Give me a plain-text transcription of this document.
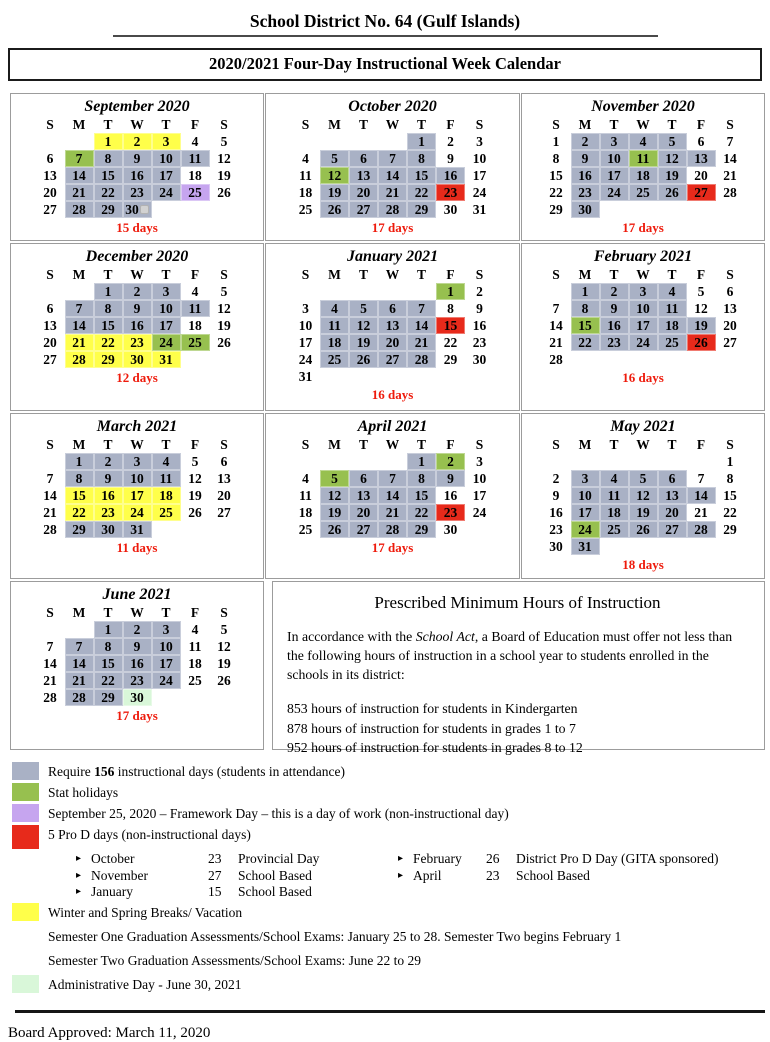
School District No. 64 (Gulf Islands)
2020/2021 Four-Day Instructional Week Calendar
September 2020
S	M	T	W	T	F	S
		1	2	3	4	5
6	7	8	9	10	11	12
13	14	15	16	17	18	19
20	21	22	23	24	25	26
27	28	29	30			
15 days
October 2020
S	M	T	W	T	F	S
				1	2	3
4	5	6	7	8	9	10
11	12	13	14	15	16	17
18	19	20	21	22	23	24
25	26	27	28	29	30	31
17 days
November 2020
S	M	T	W	T	F	S
1	2	3	4	5	6	7
8	9	10	11	12	13	14
15	16	17	18	19	20	21
22	23	24	25	26	27	28
29	30					
17 days
December 2020
S	M	T	W	T	F	S
		1	2	3	4	5
6	7	8	9	10	11	12
13	14	15	16	17	18	19
20	21	22	23	24	25	26
27	28	29	30	31		
12 days
January 2021
S	M	T	W	T	F	S
					1	2
3	4	5	6	7	8	9
10	11	12	13	14	15	16
17	18	19	20	21	22	23
24	25	26	27	28	29	30
31						
16 days
February 2021
S	M	T	W	T	F	S
	1	2	3	4	5	6
7	8	9	10	11	12	13
14	15	16	17	18	19	20
21	22	23	24	25	26	27
28						
16 days
March 2021
S	M	T	W	T	F	S
	1	2	3	4	5	6
7	8	9	10	11	12	13
14	15	16	17	18	19	20
21	22	23	24	25	26	27
28	29	30	31			
11 days
April 2021
S	M	T	W	T	F	S
				1	2	3
4	5	6	7	8	9	10
11	12	13	14	15	16	17
18	19	20	21	22	23	24
25	26	27	28	29	30	
17 days
May 2021
S	M	T	W	T	F	S
						1
2	3	4	5	6	7	8
9	10	11	12	13	14	15
16	17	18	19	20	21	22
23	24	25	26	27	28	29
30	31					
18 days
June 2021
S	M	T	W	T	F	S
		1	2	3	4	5
7	7	8	9	10	11	12
14	14	15	16	17	18	19
21	21	22	23	24	25	26
28	28	29	30			
17 days
Prescribed Minimum Hours of Instruction
In accordance with the School Act, a Board of Education must offer not less than the following hours of instruction in a school year to students enrolled in the schools in its district:
853 hours of instruction for students in Kindergarten
878 hours of instruction for students in grades 1 to 7
952 hours of instruction for students in grades 8 to 12
Require 156 instructional days (students in attendance)
Stat holidays
September 25, 2020 – Framework Day – this is a day of work (non-instructional day)
5 Pro D days (non-instructional days)
▸ October	23	Provincial Day
▸ November	27	School Based
▸ January	15	School Based
▸ February	26	District Pro D Day (GITA sponsored)
▸ April	23	School Based
Winter and Spring Breaks/ Vacation
Semester One Graduation Assessments/School Exams: January 25 to 28. Semester Two begins February 1
Semester Two Graduation Assessments/School Exams: June 22 to 29
Administrative Day - June 30, 2021
Board Approved: March 11, 2020
